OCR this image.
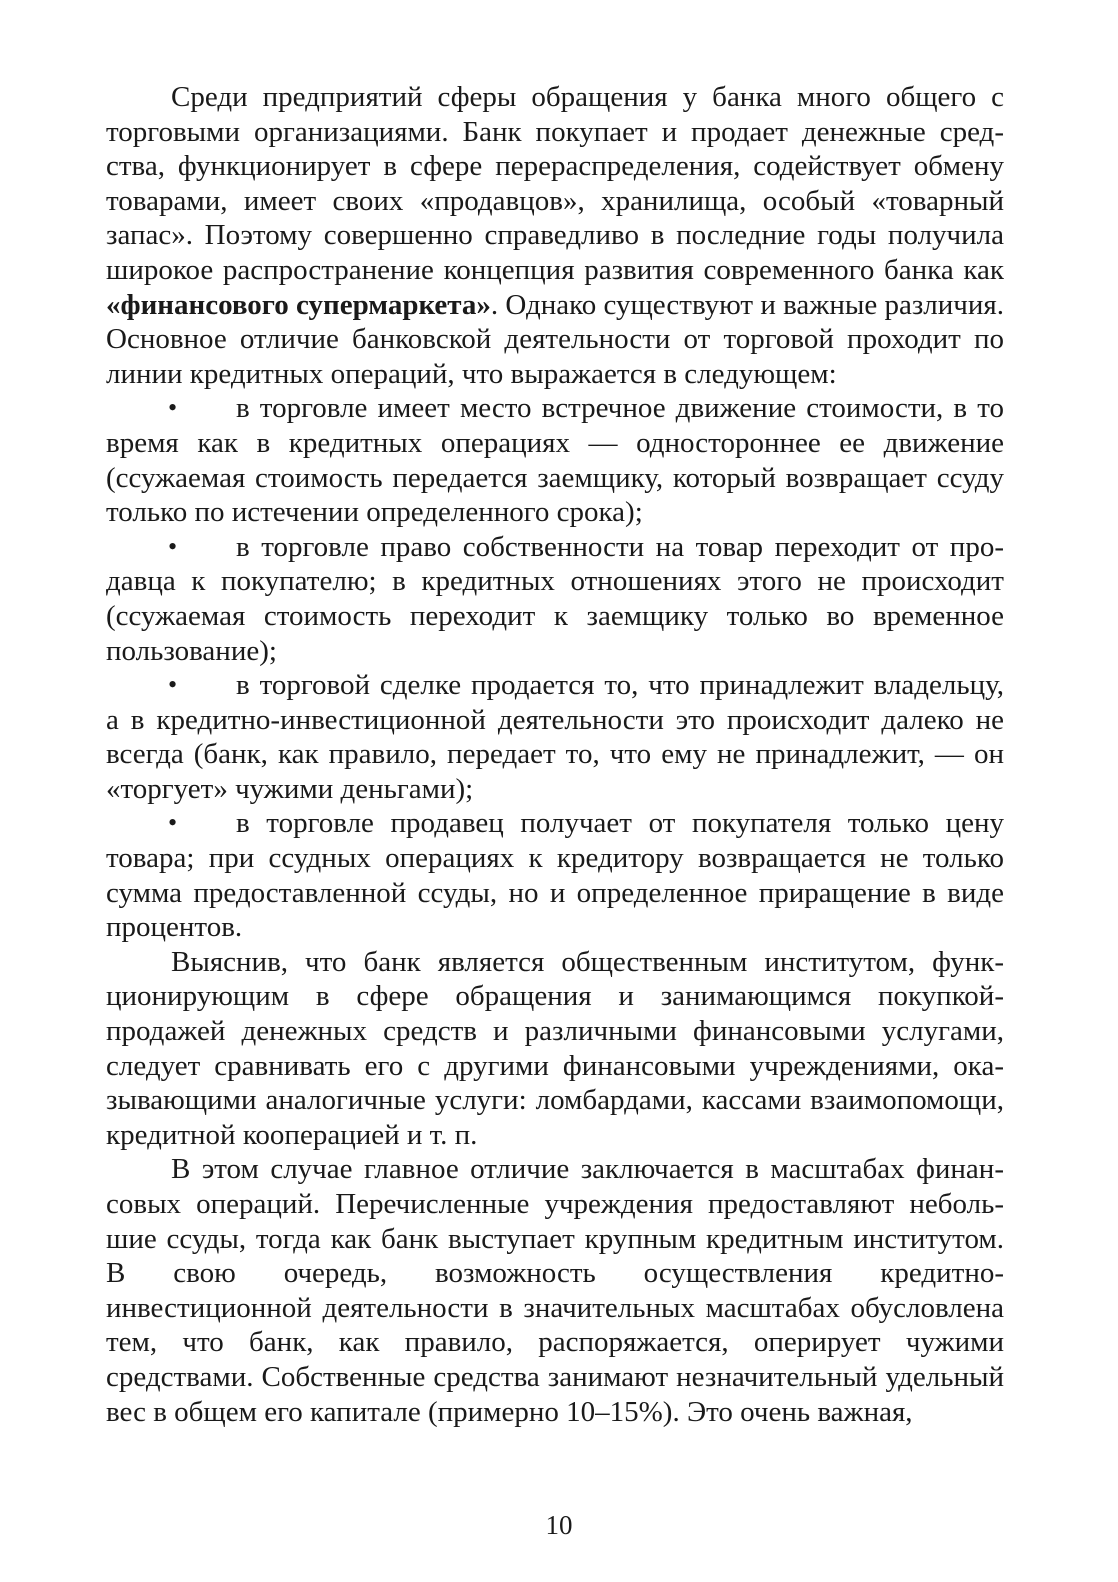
Среди предприятий сферы обращения у банка много общего с торговыми организациями. Банк покупает и продает денежные средства, функционирует в сфере перераспределения, содействует обмену товарами, имеет своих «продавцов», хранилища, особый «товарный запас». Поэтому совершенно справедливо в последние годы получила широкое распространение концепция развития современного банка как «финансового супермаркета». Однако существуют и важные различия. Основное отличие банковской деятельности от торговой проходит по линии кредитных операций, что выражается в следующем:

• в торговле имеет место встречное движение стоимости, в то время как в кредитных операциях — одностороннее ее движение (ссужаемая стоимость передается заемщику, который возвращает ссуду только по истечении определенного срока);
• в торговле право собственности на товар переходит от продавца к покупателю; в кредитных отношениях этого не происходит (ссужаемая стоимость переходит к заемщику только во временное пользование);
• в торговой сделке продается то, что принадлежит владельцу, а в кредитно-инвестиционной деятельности это происходит далеко не всегда (банк, как правило, передает то, что ему не принадлежит, — он «торгует» чужими деньгами);
• в торговле продавец получает от покупателя только цену товара; при ссудных операциях к кредитору возвращается не только сумма предоставленной ссуды, но и определенное приращение в виде процентов.

Выяснив, что банк является общественным институтом, функционирующим в сфере обращения и занимающимся покупкой-продажей денежных средств и различными финансовыми услугами, следует сравнивать его с другими финансовыми учреждениями, оказывающими аналогичные услуги: ломбардами, кассами взаимопомощи, кредитной кооперацией и т. п.

В этом случае главное отличие заключается в масштабах финансовых операций. Перечисленные учреждения предоставляют небольшие ссуды, тогда как банк выступает крупным кредитным институтом. В свою очередь, возможность осуществления кредитно-инвестиционной деятельности в значительных масштабах обусловлена тем, что банк, как правило, распоряжается, оперирует чужими средствами. Собственные средства занимают незначительный удельный вес в общем его капитале (примерно 10–15%). Это очень важная,

10
